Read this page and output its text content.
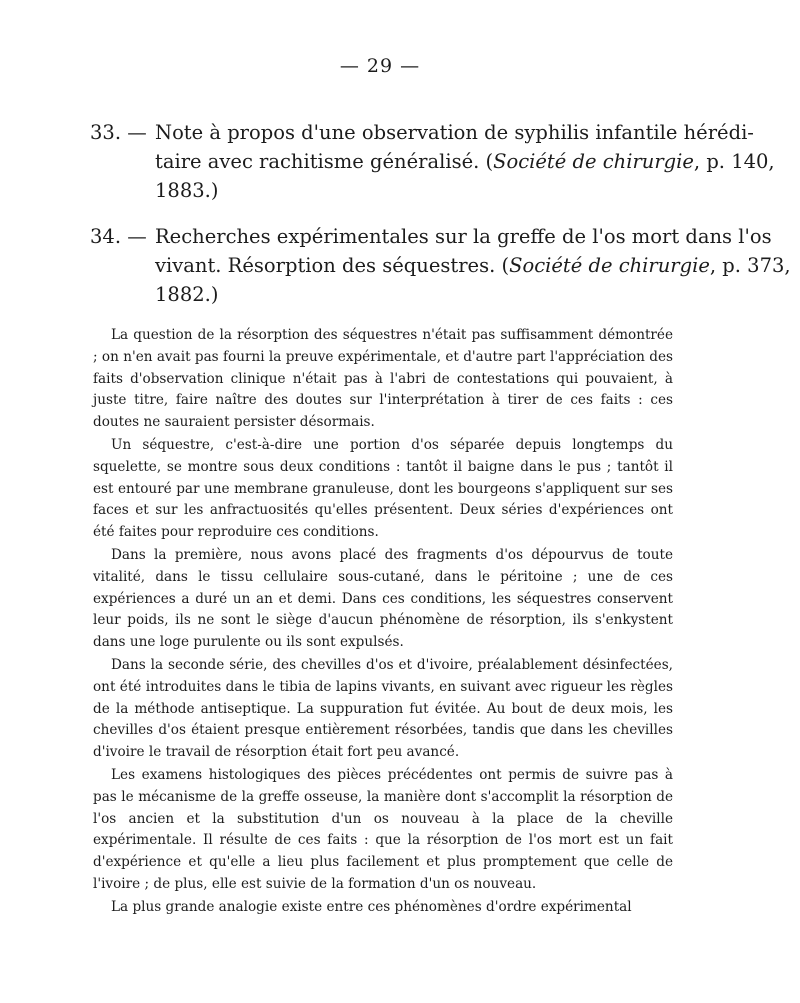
— 29 —
33. — Note à propos d'une observation de syphilis infantile hérédi-
taire avec rachitisme généralisé. (Société de chirurgie, p. 140,
1883.)
34. — Recherches expérimentales sur la greffe de l'os mort dans l'os
vivant. Résorption des séquestres. (Société de chirurgie, p. 373,
1882.)

La question de la résorption des séquestres n'était pas suffisamment démontrée ; on n'en avait pas fourni la preuve expérimentale, et d'autre part l'appréciation des faits d'observation clinique n'était pas à l'abri de contestations qui pouvaient, à juste titre, faire naître des doutes sur l'interprétation à tirer de ces faits : ces doutes ne sauraient persister désormais.

Un séquestre, c'est-à-dire une portion d'os séparée depuis longtemps du squelette, se montre sous deux conditions : tantôt il baigne dans le pus ; tantôt il est entouré par une membrane granuleuse, dont les bourgeons s'appliquent sur ses faces et sur les anfractuosités qu'elles présentent. Deux séries d'expériences ont été faites pour reproduire ces conditions.

Dans la première, nous avons placé des fragments d'os dépourvus de toute vitalité, dans le tissu cellulaire sous-cutané, dans le péritoine ; une de ces expériences a duré un an et demi. Dans ces conditions, les séquestres conservent leur poids, ils ne sont le siège d'aucun phénomène de résorption, ils s'enkystent dans une loge purulente ou ils sont expulsés.

Dans la seconde série, des chevilles d'os et d'ivoire, préalablement désinfectées, ont été introduites dans le tibia de lapins vivants, en suivant avec rigueur les règles de la méthode antiseptique. La suppuration fut évitée. Au bout de deux mois, les chevilles d'os étaient presque entièrement résorbées, tandis que dans les chevilles d'ivoire le travail de résorption était fort peu avancé.

Les examens histologiques des pièces précédentes ont permis de suivre pas à pas le mécanisme de la greffe osseuse, la manière dont s'accomplit la résorption de l'os ancien et la substitution d'un os nouveau à la place de la cheville expérimentale. Il résulte de ces faits : que la résorption de l'os mort est un fait d'expérience et qu'elle a lieu plus facilement et plus promptement que celle de l'ivoire ; de plus, elle est suivie de la formation d'un os nouveau.

La plus grande analogie existe entre ces phénomènes d'ordre expérimental
